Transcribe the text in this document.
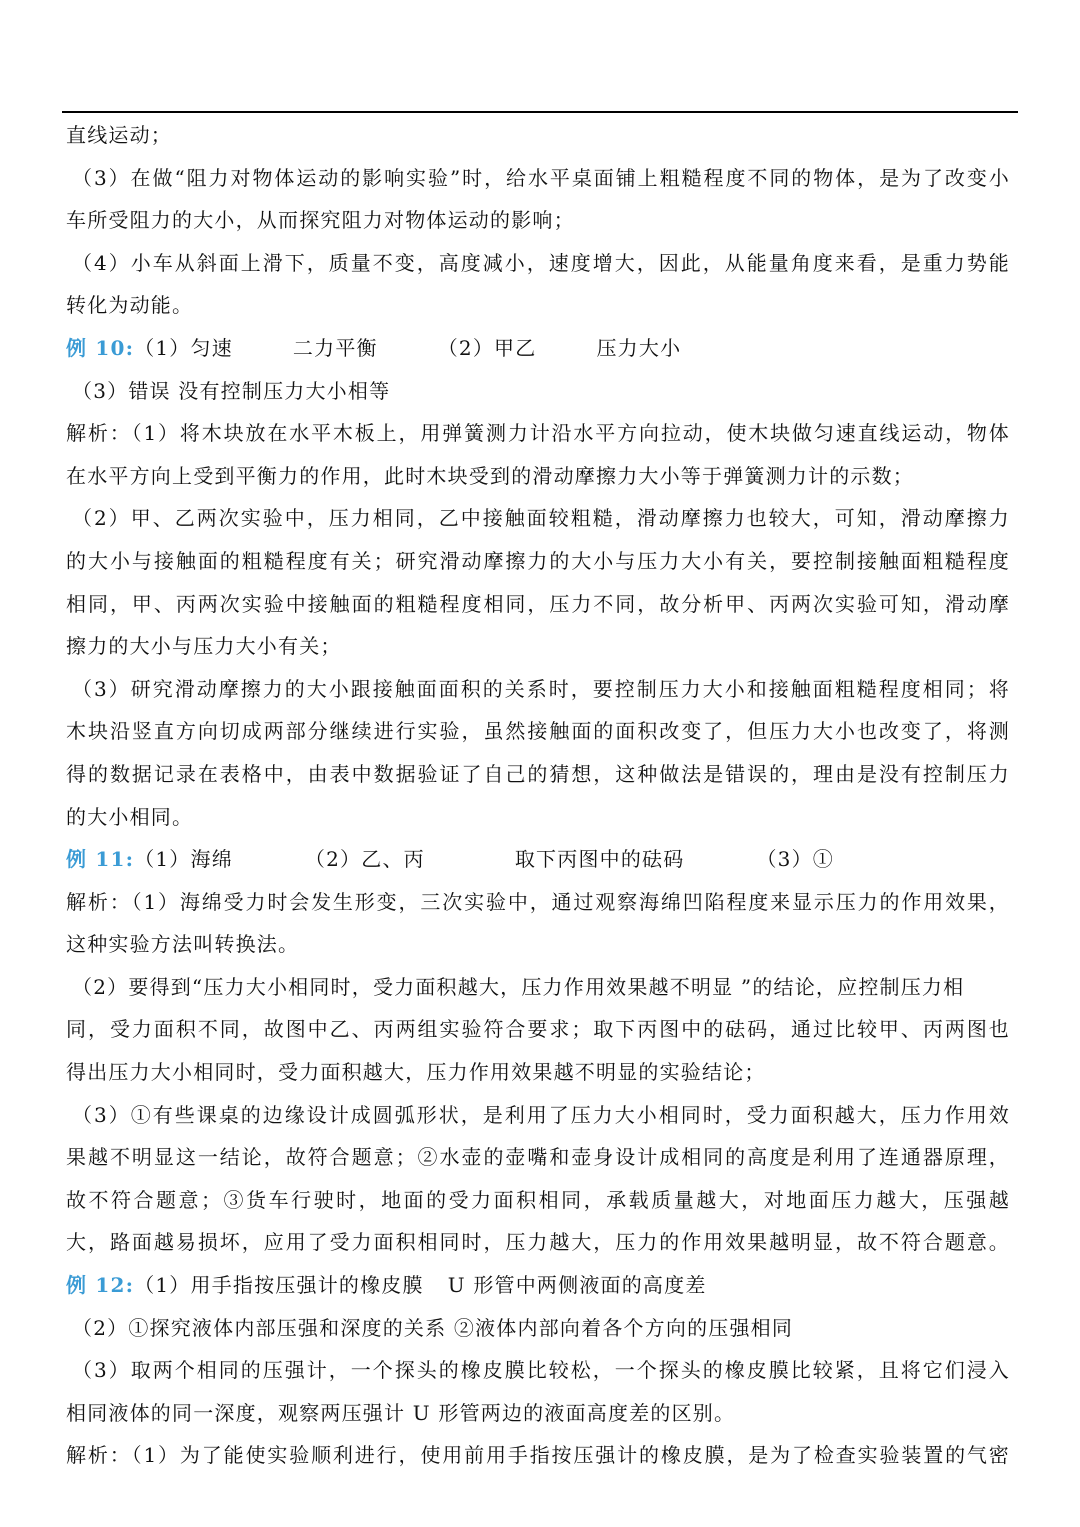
直线运动；
（3）在做“阻力对物体运动的影响实验”时，给水平桌面铺上粗糙程度不同的物体，是为了改变小
车所受阻力的大小，从而探究阻力对物体运动的影响；
（4）小车从斜面上滑下，质量不变，高度减小，速度增大，因此，从能量角度来看，是重力势能
转化为动能。
例 10:（1）匀速	二力平衡	（2）甲乙	压力大小
（3）错误 没有控制压力大小相等
解析：（1）将木块放在水平木板上，用弹簧测力计沿水平方向拉动，使木块做匀速直线运动，物体
在水平方向上受到平衡力的作用，此时木块受到的滑动摩擦力大小等于弹簧测力计的示数；
（2）甲、乙两次实验中，压力相同，乙中接触面较粗糙，滑动摩擦力也较大，可知，滑动摩擦力
的大小与接触面的粗糙程度有关；研究滑动摩擦力的大小与压力大小有关，要控制接触面粗糙程度
相同，甲、丙两次实验中接触面的粗糙程度相同，压力不同，故分析甲、丙两次实验可知，滑动摩
擦力的大小与压力大小有关；
（3）研究滑动摩擦力的大小跟接触面面积的关系时，要控制压力大小和接触面粗糙程度相同；将
木块沿竖直方向切成两部分继续进行实验，虽然接触面的面积改变了，但压力大小也改变了，将测
得的数据记录在表格中，由表中数据验证了自己的猜想，这种做法是错误的，理由是没有控制压力
的大小相同。
例 11:（1）海绵	（2）乙、丙	取下丙图中的砝码	（3）①
解析：（1）海绵受力时会发生形变，三次实验中，通过观察海绵凹陷程度来显示压力的作用效果，
这种实验方法叫转换法。
（2）要得到“压力大小相同时，受力面积越大，压力作用效果越不明显 ”的结论，应控制压力相
同，受力面积不同，故图中乙、丙两组实验符合要求；取下丙图中的砝码，通过比较甲、丙两图也
得出压力大小相同时，受力面积越大，压力作用效果越不明显的实验结论；
（3）①有些课桌的边缘设计成圆弧形状，是利用了压力大小相同时，受力面积越大，压力作用效
果越不明显这一结论，故符合题意；②水壶的壶嘴和壶身设计成相同的高度是利用了连通器原理，
故不符合题意；③货车行驶时，地面的受力面积相同，承载质量越大，对地面压力越大，压强越
大，路面越易损坏，应用了受力面积相同时，压力越大，压力的作用效果越明显，故不符合题意。
例 12:（1）用手指按压强计的橡皮膜 U 形管中两侧液面的高度差
（2）①探究液体内部压强和深度的关系 ②液体内部向着各个方向的压强相同
（3）取两个相同的压强计，一个探头的橡皮膜比较松，一个探头的橡皮膜比较紧，且将它们浸入
相同液体的同一深度，观察两压强计 U 形管两边的液面高度差的区别。
解析：（1）为了能使实验顺利进行，使用前用手指按压强计的橡皮膜，是为了检查实验装置的气密
